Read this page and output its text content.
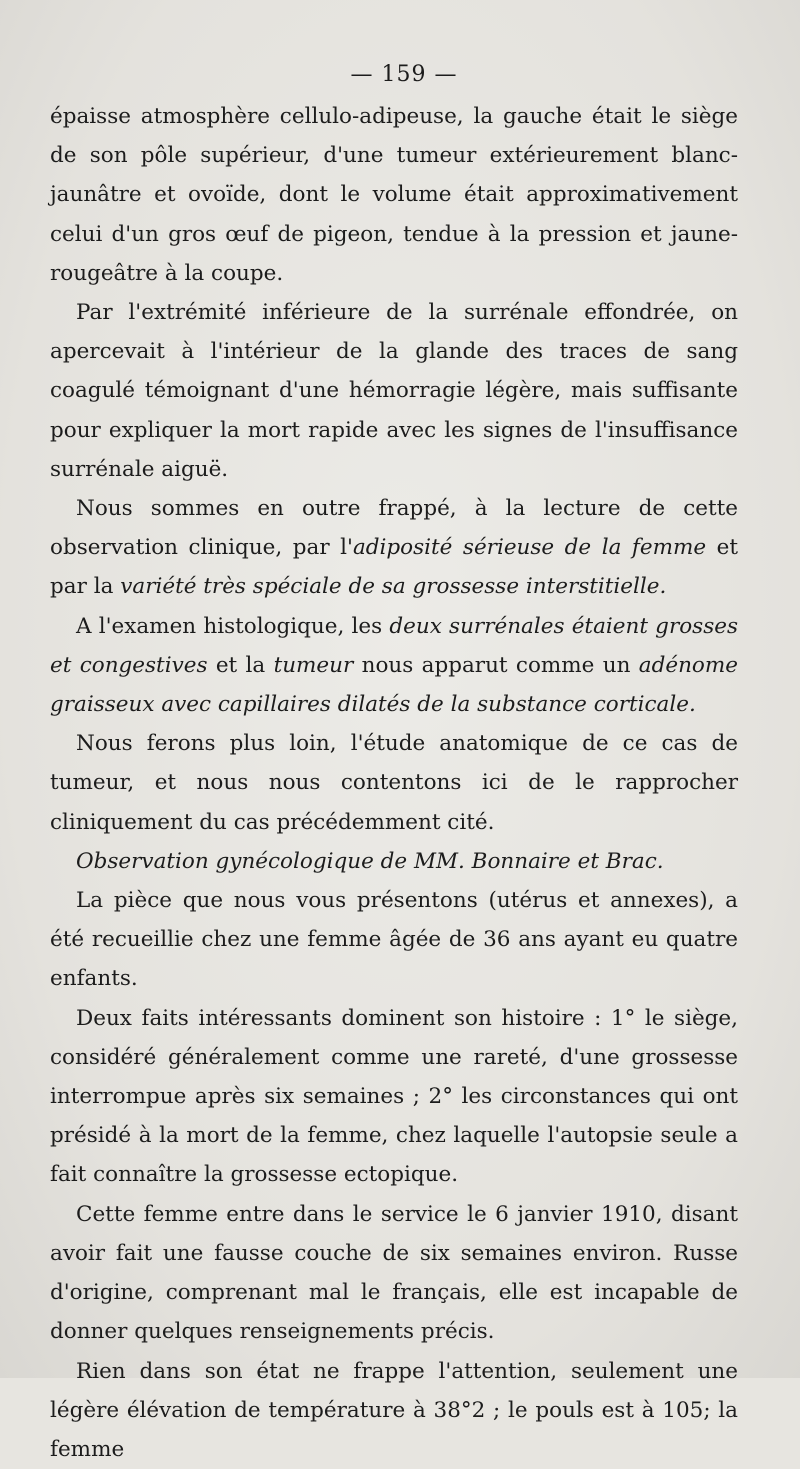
— 159 —

épaisse atmosphère cellulo-adipeuse, la gauche était le siège de son pôle supérieur, d'une tumeur extérieurement blanc-jaunâtre et ovoïde, dont le volume était approximativement celui d'un gros œuf de pigeon, tendue à la pression et jaune-rougeâtre à la coupe.

Par l'extrémité inférieure de la surrénale effondrée, on apercevait à l'intérieur de la glande des traces de sang coagulé témoignant d'une hémorragie légère, mais suffisante pour expliquer la mort rapide avec les signes de l'insuffisance surrénale aiguë.

Nous sommes en outre frappé, à la lecture de cette observation clinique, par l'adiposité sérieuse de la femme et par la variété très spéciale de sa grossesse interstitielle.

A l'examen histologique, les deux surrénales étaient grosses et congestives et la tumeur nous apparut comme un adénome graisseux avec capillaires dilatés de la substance corticale.

Nous ferons plus loin, l'étude anatomique de ce cas de tumeur, et nous nous contentons ici de le rapprocher cliniquement du cas précédemment cité.

Observation gynécologique de MM. Bonnaire et Brac.

La pièce que nous vous présentons (utérus et annexes), a été recueillie chez une femme âgée de 36 ans ayant eu quatre enfants.

Deux faits intéressants dominent son histoire : 1° le siège, considéré généralement comme une rareté, d'une grossesse interrompue après six semaines ; 2° les circonstances qui ont présidé à la mort de la femme, chez laquelle l'autopsie seule a fait connaître la grossesse ectopique.

Cette femme entre dans le service le 6 janvier 1910, disant avoir fait une fausse couche de six semaines environ. Russe d'origine, comprenant mal le français, elle est incapable de donner quelques renseignements précis.

Rien dans son état ne frappe l'attention, seulement une légère élévation de température à 38°2 ; le pouls est à 105; la femme
